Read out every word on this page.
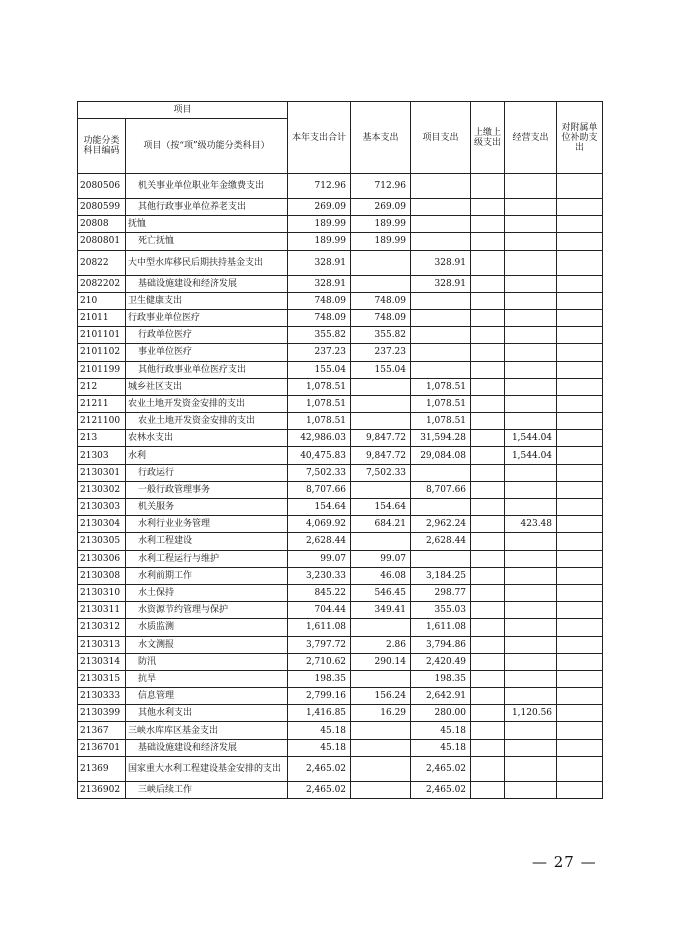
项目		本年支出合计	基本支出	项目支出	上缴上级支出	经营支出	对附属单位补助支出
功能分类科目编码	项目（按“项”级功能分类科目）						
2080506	机关事业单位职业年金缴费支出	712.96	712.96				
2080599	其他行政事业单位养老支出	269.09	269.09				
20808	抚恤	189.99	189.99				
2080801	死亡抚恤	189.99	189.99				
20822	大中型水库移民后期扶持基金支出	328.91		328.91			
2082202	基础设施建设和经济发展	328.91		328.91			
210	卫生健康支出	748.09	748.09				
21011	行政事业单位医疗	748.09	748.09				
2101101	行政单位医疗	355.82	355.82				
2101102	事业单位医疗	237.23	237.23				
2101199	其他行政事业单位医疗支出	155.04	155.04				
212	城乡社区支出	1,078.51		1,078.51			
21211	农业土地开发资金安排的支出	1,078.51		1,078.51			
2121100	农业土地开发资金安排的支出	1,078.51		1,078.51			
213	农林水支出	42,986.03	9,847.72	31,594.28		1,544.04	
21303	水利	40,475.83	9,847.72	29,084.08		1,544.04	
2130301	行政运行	7,502.33	7,502.33				
2130302	一般行政管理事务	8,707.66		8,707.66			
2130303	机关服务	154.64	154.64				
2130304	水利行业业务管理	4,069.92	684.21	2,962.24		423.48	
2130305	水利工程建设	2,628.44		2,628.44			
2130306	水利工程运行与维护	99.07	99.07				
2130308	水利前期工作	3,230.33	46.08	3,184.25			
2130310	水土保持	845.22	546.45	298.77			
2130311	水资源节约管理与保护	704.44	349.41	355.03			
2130312	水质监测	1,611.08		1,611.08			
2130313	水文测报	3,797.72	2.86	3,794.86			
2130314	防汛	2,710.62	290.14	2,420.49			
2130315	抗旱	198.35		198.35			
2130333	信息管理	2,799.16	156.24	2,642.91			
2130399	其他水利支出	1,416.85	16.29	280.00		1,120.56	
21367	三峡水库库区基金支出	45.18		45.18			
2136701	基础设施建设和经济发展	45.18		45.18			
21369	国家重大水利工程建设基金安排的支出	2,465.02		2,465.02			
2136902	三峡后续工作	2,465.02		2,465.02			
— 27 —
